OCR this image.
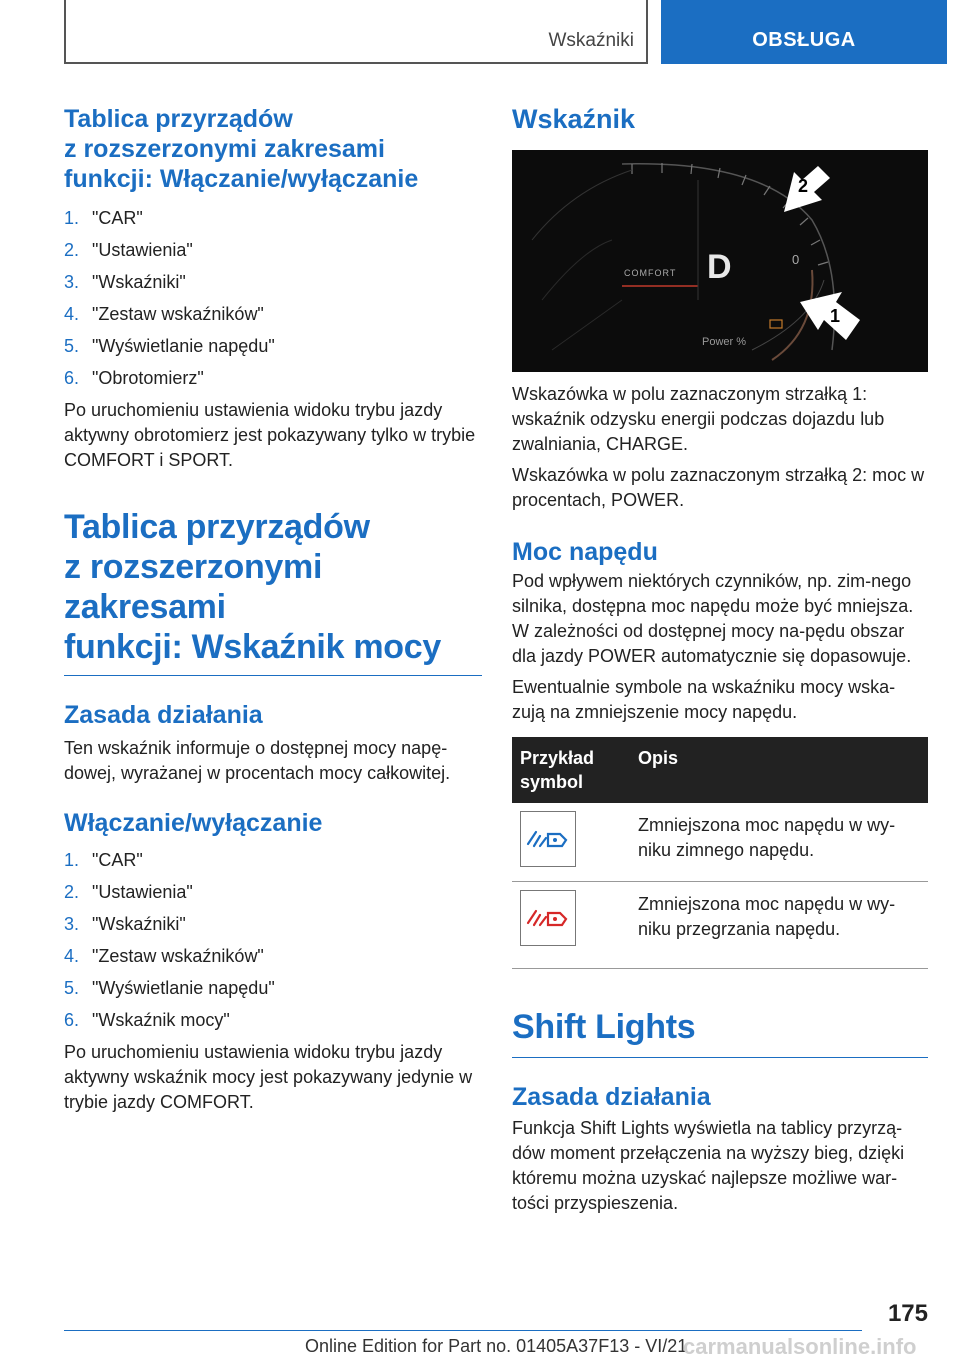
Wskaźniki	OBSŁUGA
Tablica przyrządów
z rozszerzonymi zakresami
funkcji: Włączanie/wyłączanie
1. "CAR"
2. "Ustawienia"
3. "Wskaźniki"
4. "Zestaw wskaźników"
5. "Wyświetlanie napędu"
6. "Obrotomierz"

Po uruchomieniu ustawienia widoku trybu jazdy aktywny obrotomierz jest pokazywany tylko w trybie COMFORT i SPORT.

Tablica przyrządów
z rozszerzonymi zakresami
funkcji: Wskaźnik mocy
Zasada działania

Ten wskaźnik informuje o dostępnej mocy napę-dowej, wyrażanej w procentach mocy całkowitej.

Włączanie/wyłączanie
1. "CAR"
2. "Ustawienia"
3. "Wskaźniki"
4. "Zestaw wskaźników"
5. "Wyświetlanie napędu"
6. "Wskaźnik mocy"

Po uruchomieniu ustawienia widoku trybu jazdy aktywny wskaźnik mocy jest pokazywany jedynie w trybie jazdy COMFORT.

Wskaźnik
D
COMFORT
Power %
0
2
1

Wskazówka w polu zaznaczonym strzałką 1: wskaźnik odzysku energii podczas dojazdu lub zwalniania, CHARGE.

Wskazówka w polu zaznaczonym strzałką 2: moc w procentach, POWER.

Moc napędu

Pod wpływem niektórych czynników, np. zim-nego silnika, dostępna moc napędu może być mniejsza. W zależności od dostępnej mocy na-pędu obszar dla jazdy POWER automatycznie się dopasowuje.

Ewentualnie symbole na wskaźniku mocy wska-zują na zmniejszenie mocy napędu.

Przykład symbol	Opis

	Zmniejszona moc napędu w wy-niku zimnego napędu.

	Zmniejszona moc napędu w wy-niku przegrzania napędu.
Shift Lights
Zasada działania

Funkcja Shift Lights wyświetla na tablicy przyrzą-dów moment przełączenia na wyższy bieg, dzięki któremu można uzyskać najlepsze możliwe war-tości przyspieszenia.

175
Online Edition for Part no. 01405A37F13 - VI/21
carmanualsonline.info
